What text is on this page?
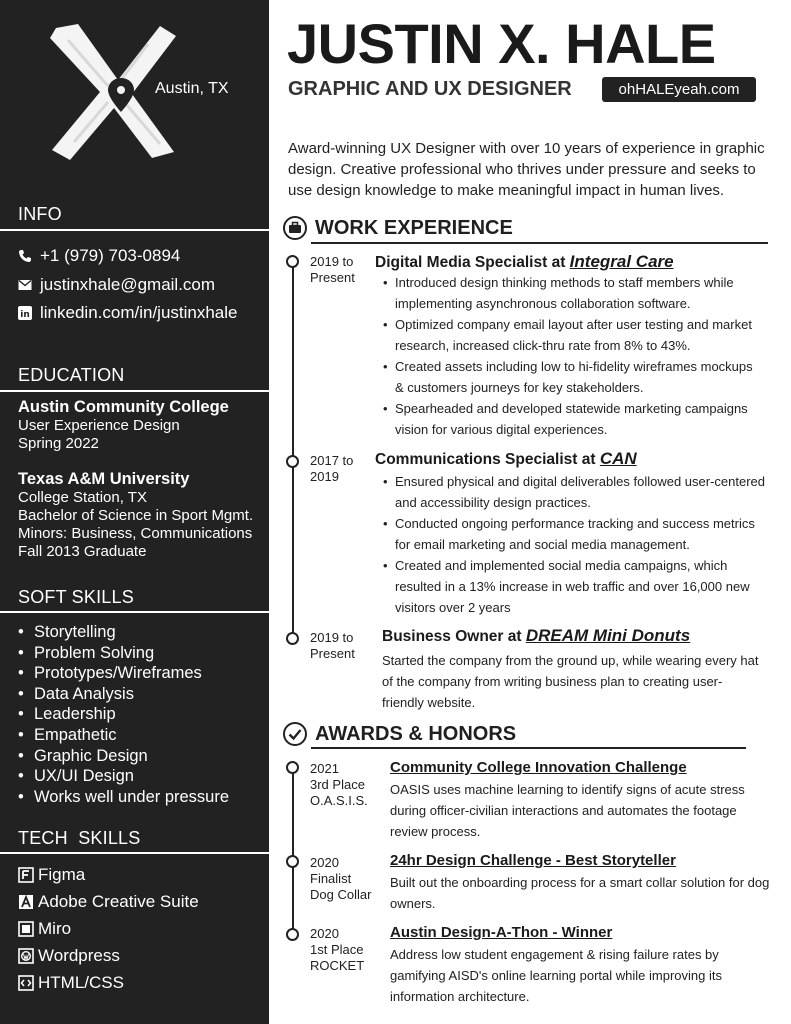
Austin, TX
INFO
+1 (979) 703-0894
justinxhale@gmail.com
in linkedin.com/in/justinxhale
EDUCATION
Austin Community College
User Experience Design
Spring 2022
Texas A&M University
College Station, TX
Bachelor of Science in Sport Mgmt.
Minors: Business, Communications
Fall 2013 Graduate
SOFT SKILLS
• Storytelling
• Problem Solving
• Prototypes/Wireframes
• Data Analysis
• Leadership
• Empathetic
• Graphic Design
• UX/UI Design
• Works well under pressure
TECH  SKILLS
Figma
Adobe Creative Suite
Miro
Wordpress
HTML/CSS
JUSTIN X. HALE
GRAPHIC AND UX DESIGNER	ohHALEyeah.com
Award-winning UX Designer with over 10 years of experience in graphic design. Creative professional who thrives under pressure and seeks to use design knowledge to make meaningful impact in human lives.
WORK EXPERIENCE
2019 to
Present
Digital Media Specialist at Integral Care
• Introduced design thinking methods to staff members while implementing asynchronous collaboration software.
• Optimized company email layout after user testing and market research, increased click-thru rate from 8% to 43%.
• Created assets including low to hi-fidelity wireframes mockups & customers journeys for key stakeholders.
• Spearheaded and developed statewide marketing campaigns vision for various digital experiences.
2017 to
2019
Communications Specialist at CAN
• Ensured physical and digital deliverables followed user-centered and accessibility design practices.
• Conducted ongoing performance tracking and success metrics for email marketing and social media management.
• Created and implemented social media campaigns, which resulted in a 13% increase in web traffic and over 16,000 new visitors over 2 years
2019 to
Present
Business Owner at DREAM Mini Donuts
Started the company from the ground up, while wearing every hat of the company from writing business plan to creating user-friendly website.
AWARDS & HONORS
2021
3rd Place
O.A.S.I.S.
Community College Innovation Challenge
OASIS uses machine learning to identify signs of acute stress during officer-civilian interactions and automates the footage review process.
2020
Finalist
Dog Collar
24hr Design Challenge - Best Storyteller
Built out the onboarding process for a smart collar solution for dog owners.
2020
1st Place
ROCKET
Austin Design-A-Thon - Winner
Address low student engagement & rising failure rates by gamifying AISD's online learning portal while improving its information architecture.
